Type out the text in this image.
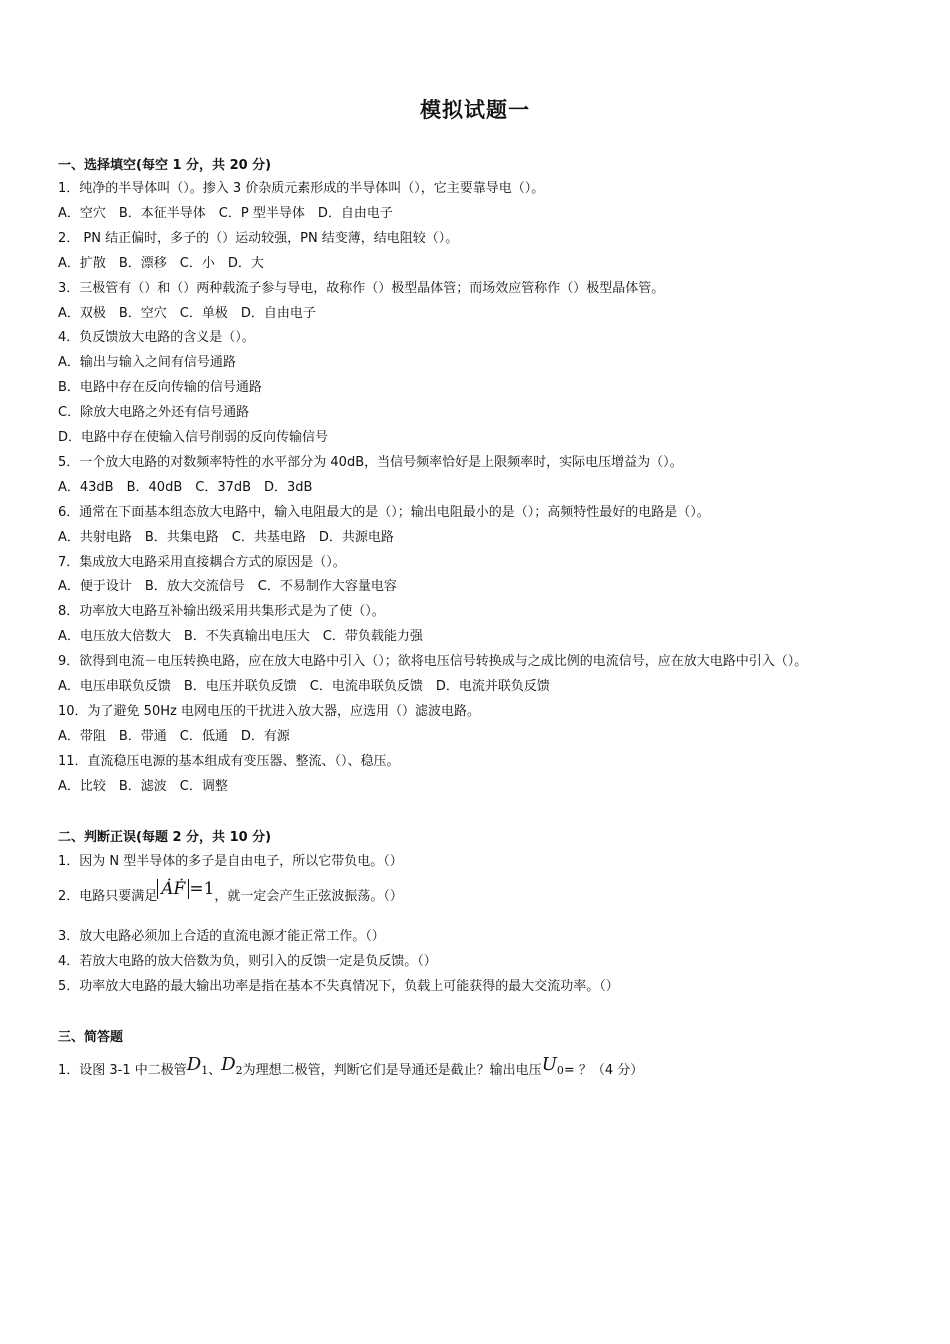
模拟试题一
一、选择填空(每空 1 分，共 20 分)
1．纯净的半导体叫（）。掺入 3 价杂质元素形成的半导体叫（），它主要靠导电（）。
A．空穴　B．本征半导体　C．P 型半导体　D．自由电子
2． PN 结正偏时，多子的（）运动较强，PN 结变薄，结电阻较（）。
A．扩散　B．漂移　C．小　D．大
3．三极管有（）和（）两种载流子参与导电，故称作（）极型晶体管；而场效应管称作（）极型晶体管。
A．双极　B．空穴　C．单极　D．自由电子
4．负反馈放大电路的含义是（）。
A．输出与输入之间有信号通路
B．电路中存在反向传输的信号通路
C．除放大电路之外还有信号通路
D．电路中存在使输入信号削弱的反向传输信号
5．一个放大电路的对数频率特性的水平部分为 40dB，当信号频率恰好是上限频率时，实际电压增益为（）。
A．43dB　B．40dB　C．37dB　D．3dB
6．通常在下面基本组态放大电路中，输入电阻最大的是（）；输出电阻最小的是（）；高频特性最好的电路是（）。
A．共射电路　B．共集电路　C．共基电路　D．共源电路
7．集成放大电路采用直接耦合方式的原因是（）。
A．便于设计　B．放大交流信号　C．不易制作大容量电容
8．功率放大电路互补输出级采用共集形式是为了使（）。
A．电压放大倍数大　B．不失真输出电压大　C．带负载能力强
9．欲得到电流－电压转换电路，应在放大电路中引入（）；欲将电压信号转换成与之成比例的电流信号，应在放大电路中引入（）。
A．电压串联负反馈　B．电压并联负反馈　C．电流串联负反馈　D．电流并联负反馈
10．为了避免 50Hz 电网电压的干扰进入放大器，应选用（）滤波电路。
A．带阻　B．带通　C．低通　D．有源
11．直流稳压电源的基本组成有变压器、整流、（）、稳压。
A．比较　B．滤波　C．调整
二、判断正误(每题 2 分，共 10 分)
1．因为 N 型半导体的多子是自由电子，所以它带负电。（）
2．电路只要满足 ȦḞ =1，就一定会产生正弦波振荡。（）
3．放大电路必须加上合适的直流电源才能正常工作。（）
4．若放大电路的放大倍数为负，则引入的反馈一定是负反馈。（）
5．功率放大电路的最大输出功率是指在基本不失真情况下，负载上可能获得的最大交流功率。（）
三、简答题
1．设图 3-1 中二极管$D_1$、$D_2$为理想二极管，判断它们是导通还是截止？输出电压$U_0=$ ？（4 分）
